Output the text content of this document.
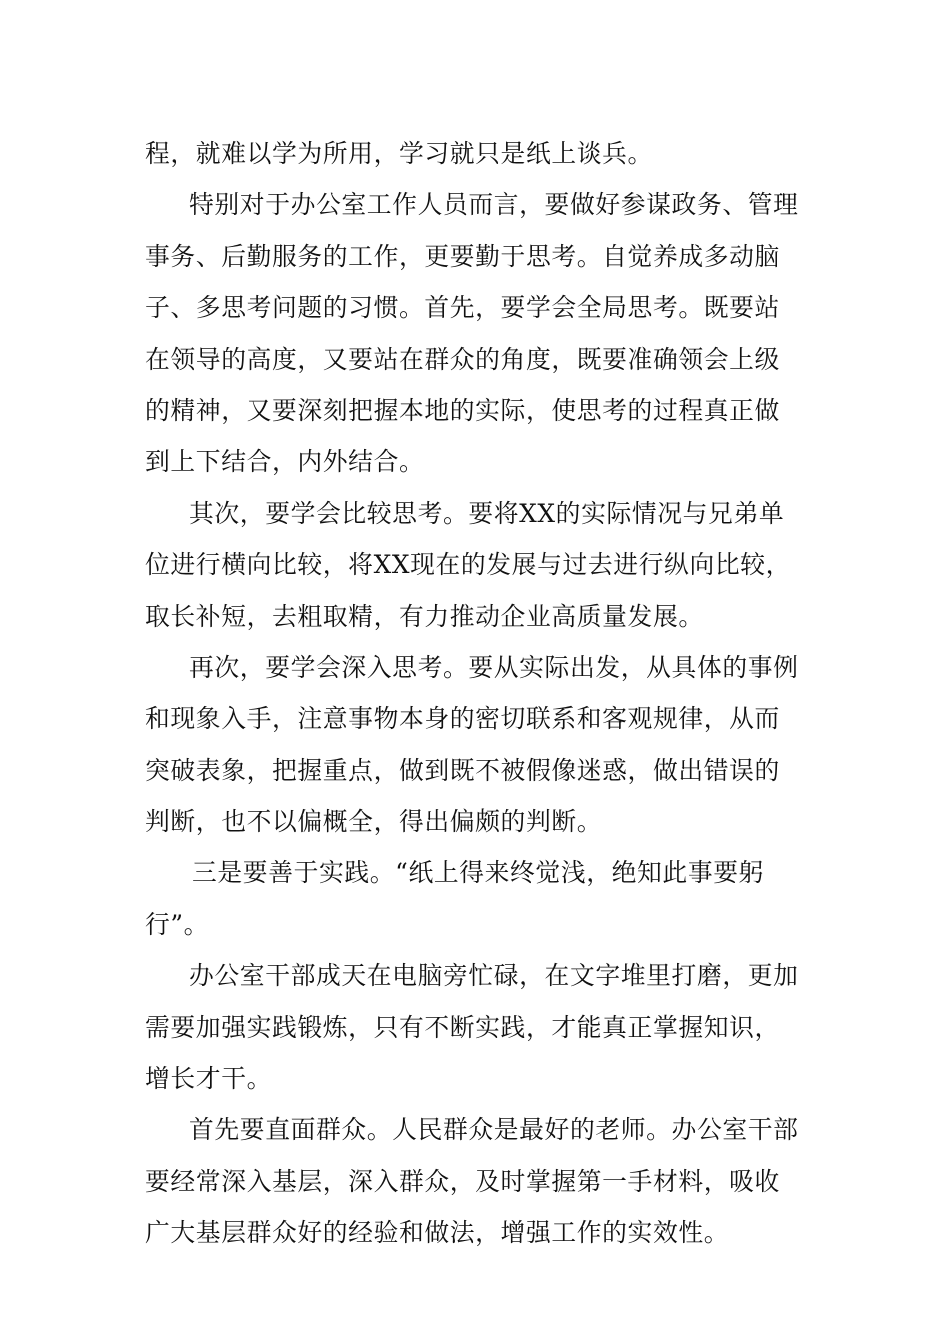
程，就难以学为所用，学习就只是纸上谈兵。
特别对于办公室工作人员而言，要做好参谋政务、管理
事务、后勤服务的工作，更要勤于思考。自觉养成多动脑
子、多思考问题的习惯。首先，要学会全局思考。既要站
在领导的高度，又要站在群众的角度，既要准确领会上级
的精神，又要深刻把握本地的实际，使思考的过程真正做
到上下结合，内外结合。
其次，要学会比较思考。要将XX的实际情况与兄弟单
位进行横向比较，将XX现在的发展与过去进行纵向比较，
取长补短，去粗取精，有力推动企业高质量发展。
再次，要学会深入思考。要从实际出发，从具体的事例
和现象入手，注意事物本身的密切联系和客观规律，从而
突破表象，把握重点，做到既不被假像迷惑，做出错误的
判断，也不以偏概全，得出偏颇的判断。
三是要善于实践。“纸上得来终觉浅，绝知此事要躬
行”。
办公室干部成天在电脑旁忙碌，在文字堆里打磨，更加
需要加强实践锻炼，只有不断实践，才能真正掌握知识，
增长才干。
首先要直面群众。人民群众是最好的老师。办公室干部
要经常深入基层，深入群众，及时掌握第一手材料，吸收
广大基层群众好的经验和做法，增强工作的实效性。
